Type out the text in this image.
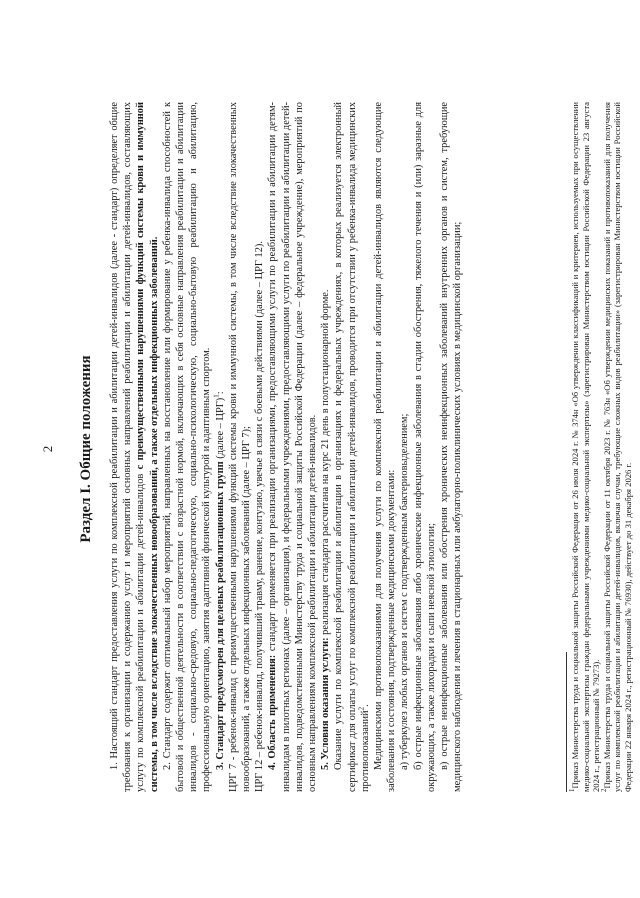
2 Раздел I. Общие положения 1. Настоящий стандарт предоставления услуги по комплексной реабилитации и абилитации детей-инвалидов (далее - стандарт) определяет общие требования к организации и содержанию услуг и мероприятий основных направлений реабилитации и абилитации детей-инвалидов, составляющих услугу по комплексной реабилитации и абилитации детей-инвалидов с преимущественными нарушениями функций системы крови и иммунной системы, в том числе вследствие злокачественных новообразований, а также отдельных инфекционных заболеваний. 2. Стандарт содержит оптимальный набор мероприятий, направленных на восстановление или формирование у ребенка-инвалида способностей к бытовой и общественной деятельности в соответствии с возрастной нормой, включающих в себя основные направления реабилитации и абилитации инвалидов - социально-средовую, социально-педагогическую, социально-психологическую, социально-бытовую реабилитацию и абилитацию, профессиональную ориентацию, занятия адаптивной физической культурой и адаптивным спортом. 3. Стандарт предусмотрен для целевых реабилитационных групп (далее – ЦРГ)$^1$: ЦРГ 7 - ребенок-инвалид с преимущественными нарушениями функций системы крови и иммунной системы, в том числе вследствие злокачественных новообразований, а также отдельных инфекционных заболеваний (далее – ЦРГ 7); ЦРГ 12 – ребенок-инвалид, получивший травму, ранение, контузию, увечье в связи с боевыми действиями (далее – ЦРГ 12). 4. Область применения: стандарт применяется при реализации организациями, предоставляющими услуги по реабилитации и абилитации детям-инвалидам в пилотных регионах (далее – организация), и федеральными учреждениями, предоставляющими услуги по реабилитации и абилитации детей-инвалидов, подведомственными Министерству труда и социальной защиты Российской Федерации (далее – федеральное учреждение), мероприятий по основным направлениям комплексной реабилитации и абилитации детей-инвалидов. 5. Условия оказания услуги: реализация стандарта рассчитана на курс 21 день в полустационарной форме. Оказание услуги по комплексной реабилитации и абилитации в организациях и федеральных учреждениях, в которых реализуется электронный сертификат для оплаты услуг по комплексной реабилитации и абилитации детей-инвалидов, проводится при отсутствии у ребенка-инвалида медицинских противопоказаний$^2$. Медицинскими противопоказаниями для получения услуги по комплексной реабилитации и абилитации детей-инвалидов являются следующие заболевания и состояния, подтвержденные медицинскими документами: а) туберкулез любых органов и систем с подтвержденным бактериовыделением; б) острые инфекционные заболевания либо хронические инфекционные заболевания в стадии обострения, тяжелого течения и (или) заразные для окружающих, а также лихорадки и сыпи неясной этиологии; в) острые неинфекционные заболевания или обострения хронических неинфекционных заболеваний внутренних органов и систем, требующие медицинского наблюдения и лечения в стационарных или амбулаторно-поликлинических условиях в медицинской организации;	$^1$Приказ Министерства труда и социальной защиты Российской Федерации от 26 июля 2024 г. № 374н «Об утверждении классификаций и критериев, используемых при осуществлении медико-социальной экспертизы граждан федеральными учреждениями медико-социальной экспертизы» (зарегистрирован Министерством юстиции Российской Федерации 23 августа 2024 г., регистрационный № 79273).

$^2$Приказ Министерства труда и социальной защиты Российской Федерации от 11 октября 2023 г. № 763н «Об утверждении медицинских показаний и противопоказаний для получения услуг по комплексной реабилитации и абилитации детей-инвалидов, включая случаи, требующие сложных видов реабилитации» (зарегистрирован Министерством юстиции Российской Федерации 22 января 2024 г., регистрационный № 76930), действует до 31 декабря 2026 г.
